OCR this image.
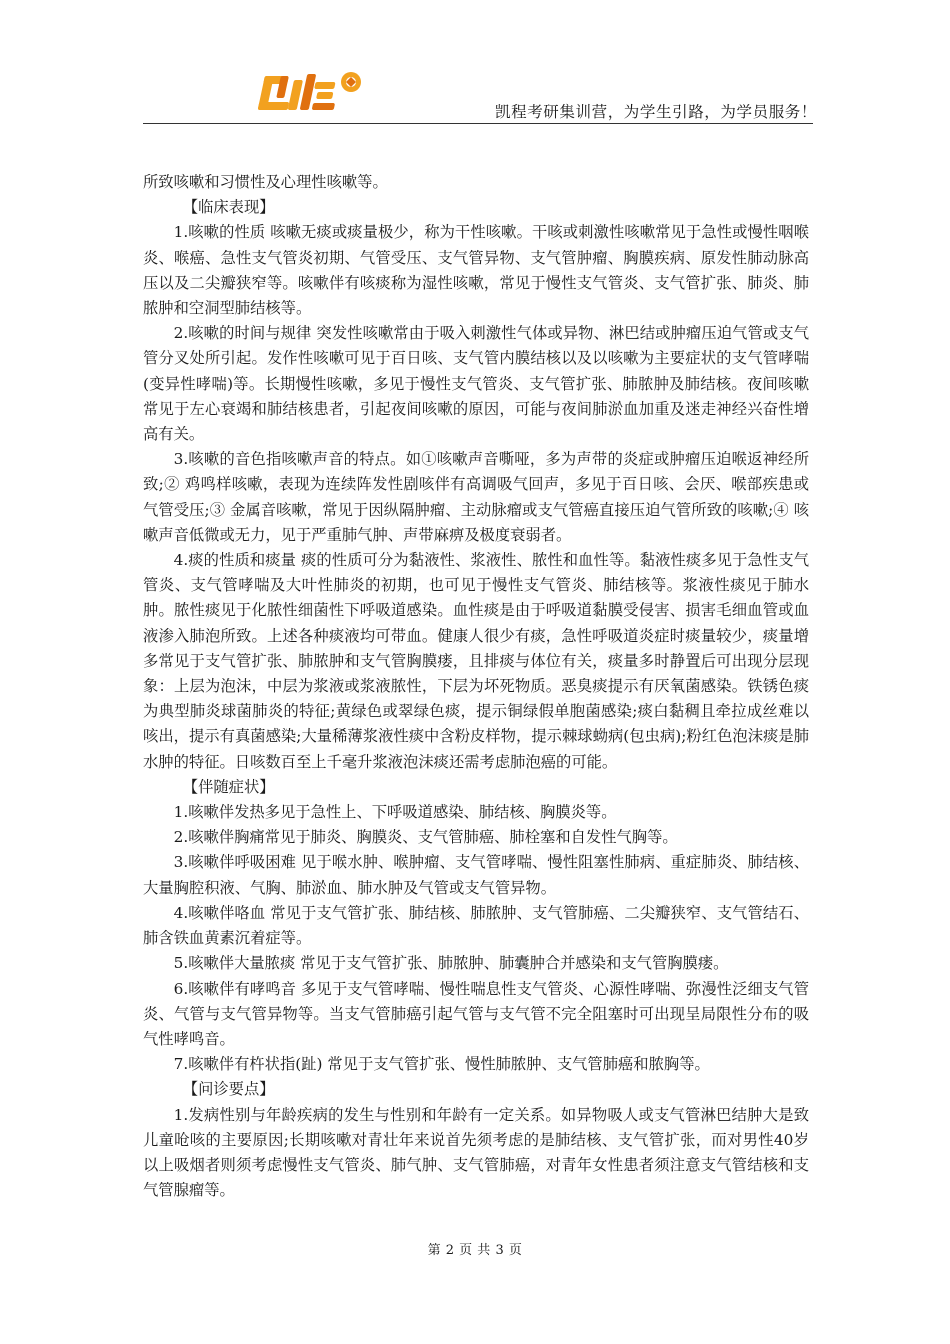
凯程考研集训营，为学生引路，为学员服务！

所致咳嗽和习惯性及心理性咳嗽等。

【临床表现】

1.咳嗽的性质 咳嗽无痰或痰量极少，称为干性咳嗽。干咳或刺激性咳嗽常见于急性或慢性咽喉炎、喉癌、急性支气管炎初期、气管受压、支气管异物、支气管肿瘤、胸膜疾病、原发性肺动脉高压以及二尖瓣狭窄等。咳嗽伴有咳痰称为湿性咳嗽，常见于慢性支气管炎、支气管扩张、肺炎、肺脓肿和空洞型肺结核等。

2.咳嗽的时间与规律 突发性咳嗽常由于吸入刺激性气体或异物、淋巴结或肿瘤压迫气管或支气管分叉处所引起。发作性咳嗽可见于百日咳、支气管内膜结核以及以咳嗽为主要症状的支气管哮喘(变异性哮喘)等。长期慢性咳嗽，多见于慢性支气管炎、支气管扩张、肺脓肿及肺结核。夜间咳嗽常见于左心衰竭和肺结核患者，引起夜间咳嗽的原因，可能与夜间肺淤血加重及迷走神经兴奋性增高有关。

3.咳嗽的音色指咳嗽声音的特点。如①咳嗽声音嘶哑，多为声带的炎症或肿瘤压迫喉返神经所致;② 鸡鸣样咳嗽，表现为连续阵发性剧咳伴有高调吸气回声，多见于百日咳、会厌、喉部疾患或气管受压;③ 金属音咳嗽，常见于因纵隔肿瘤、主动脉瘤或支气管癌直接压迫气管所致的咳嗽;④ 咳嗽声音低微或无力，见于严重肺气肿、声带麻痹及极度衰弱者。

4.痰的性质和痰量 痰的性质可分为黏液性、浆液性、脓性和血性等。黏液性痰多见于急性支气管炎、支气管哮喘及大叶性肺炎的初期，也可见于慢性支气管炎、肺结核等。浆液性痰见于肺水肿。脓性痰见于化脓性细菌性下呼吸道感染。血性痰是由于呼吸道黏膜受侵害、损害毛细血管或血液渗入肺泡所致。上述各种痰液均可带血。健康人很少有痰，急性呼吸道炎症时痰量较少，痰量增多常见于支气管扩张、肺脓肿和支气管胸膜瘘，且排痰与体位有关，痰量多时静置后可出现分层现象：上层为泡沫，中层为浆液或浆液脓性，下层为坏死物质。恶臭痰提示有厌氧菌感染。铁锈色痰为典型肺炎球菌肺炎的特征;黄绿色或翠绿色痰，提示铜绿假单胞菌感染;痰白黏稠且牵拉成丝难以咳出，提示有真菌感染;大量稀薄浆液性痰中含粉皮样物，提示棘球蚴病(包虫病);粉红色泡沫痰是肺水肿的特征。日咳数百至上千毫升浆液泡沫痰还需考虑肺泡癌的可能。

【伴随症状】

1.咳嗽伴发热多见于急性上、下呼吸道感染、肺结核、胸膜炎等。

2.咳嗽伴胸痛常见于肺炎、胸膜炎、支气管肺癌、肺栓塞和自发性气胸等。

3.咳嗽伴呼吸困难 见于喉水肿、喉肿瘤、支气管哮喘、慢性阻塞性肺病、重症肺炎、肺结核、大量胸腔积液、气胸、肺淤血、肺水肿及气管或支气管异物。

4.咳嗽伴咯血 常见于支气管扩张、肺结核、肺脓肿、支气管肺癌、二尖瓣狭窄、支气管结石、肺含铁血黄素沉着症等。

5.咳嗽伴大量脓痰 常见于支气管扩张、肺脓肿、肺囊肿合并感染和支气管胸膜瘘。

6.咳嗽伴有哮鸣音 多见于支气管哮喘、慢性喘息性支气管炎、心源性哮喘、弥漫性泛细支气管炎、气管与支气管异物等。当支气管肺癌引起气管与支气管不完全阻塞时可出现呈局限性分布的吸气性哮鸣音。

7.咳嗽伴有杵状指(趾) 常见于支气管扩张、慢性肺脓肿、支气管肺癌和脓胸等。

【问诊要点】

1.发病性别与年龄疾病的发生与性别和年龄有一定关系。如异物吸人或支气管淋巴结肿大是致儿童呛咳的主要原因;长期咳嗽对青壮年来说首先须考虑的是肺结核、支气管扩张，而对男性40岁以上吸烟者则须考虑慢性支气管炎、肺气肿、支气管肺癌，对青年女性患者须注意支气管结核和支气管腺瘤等。

第 2 页 共 3 页
